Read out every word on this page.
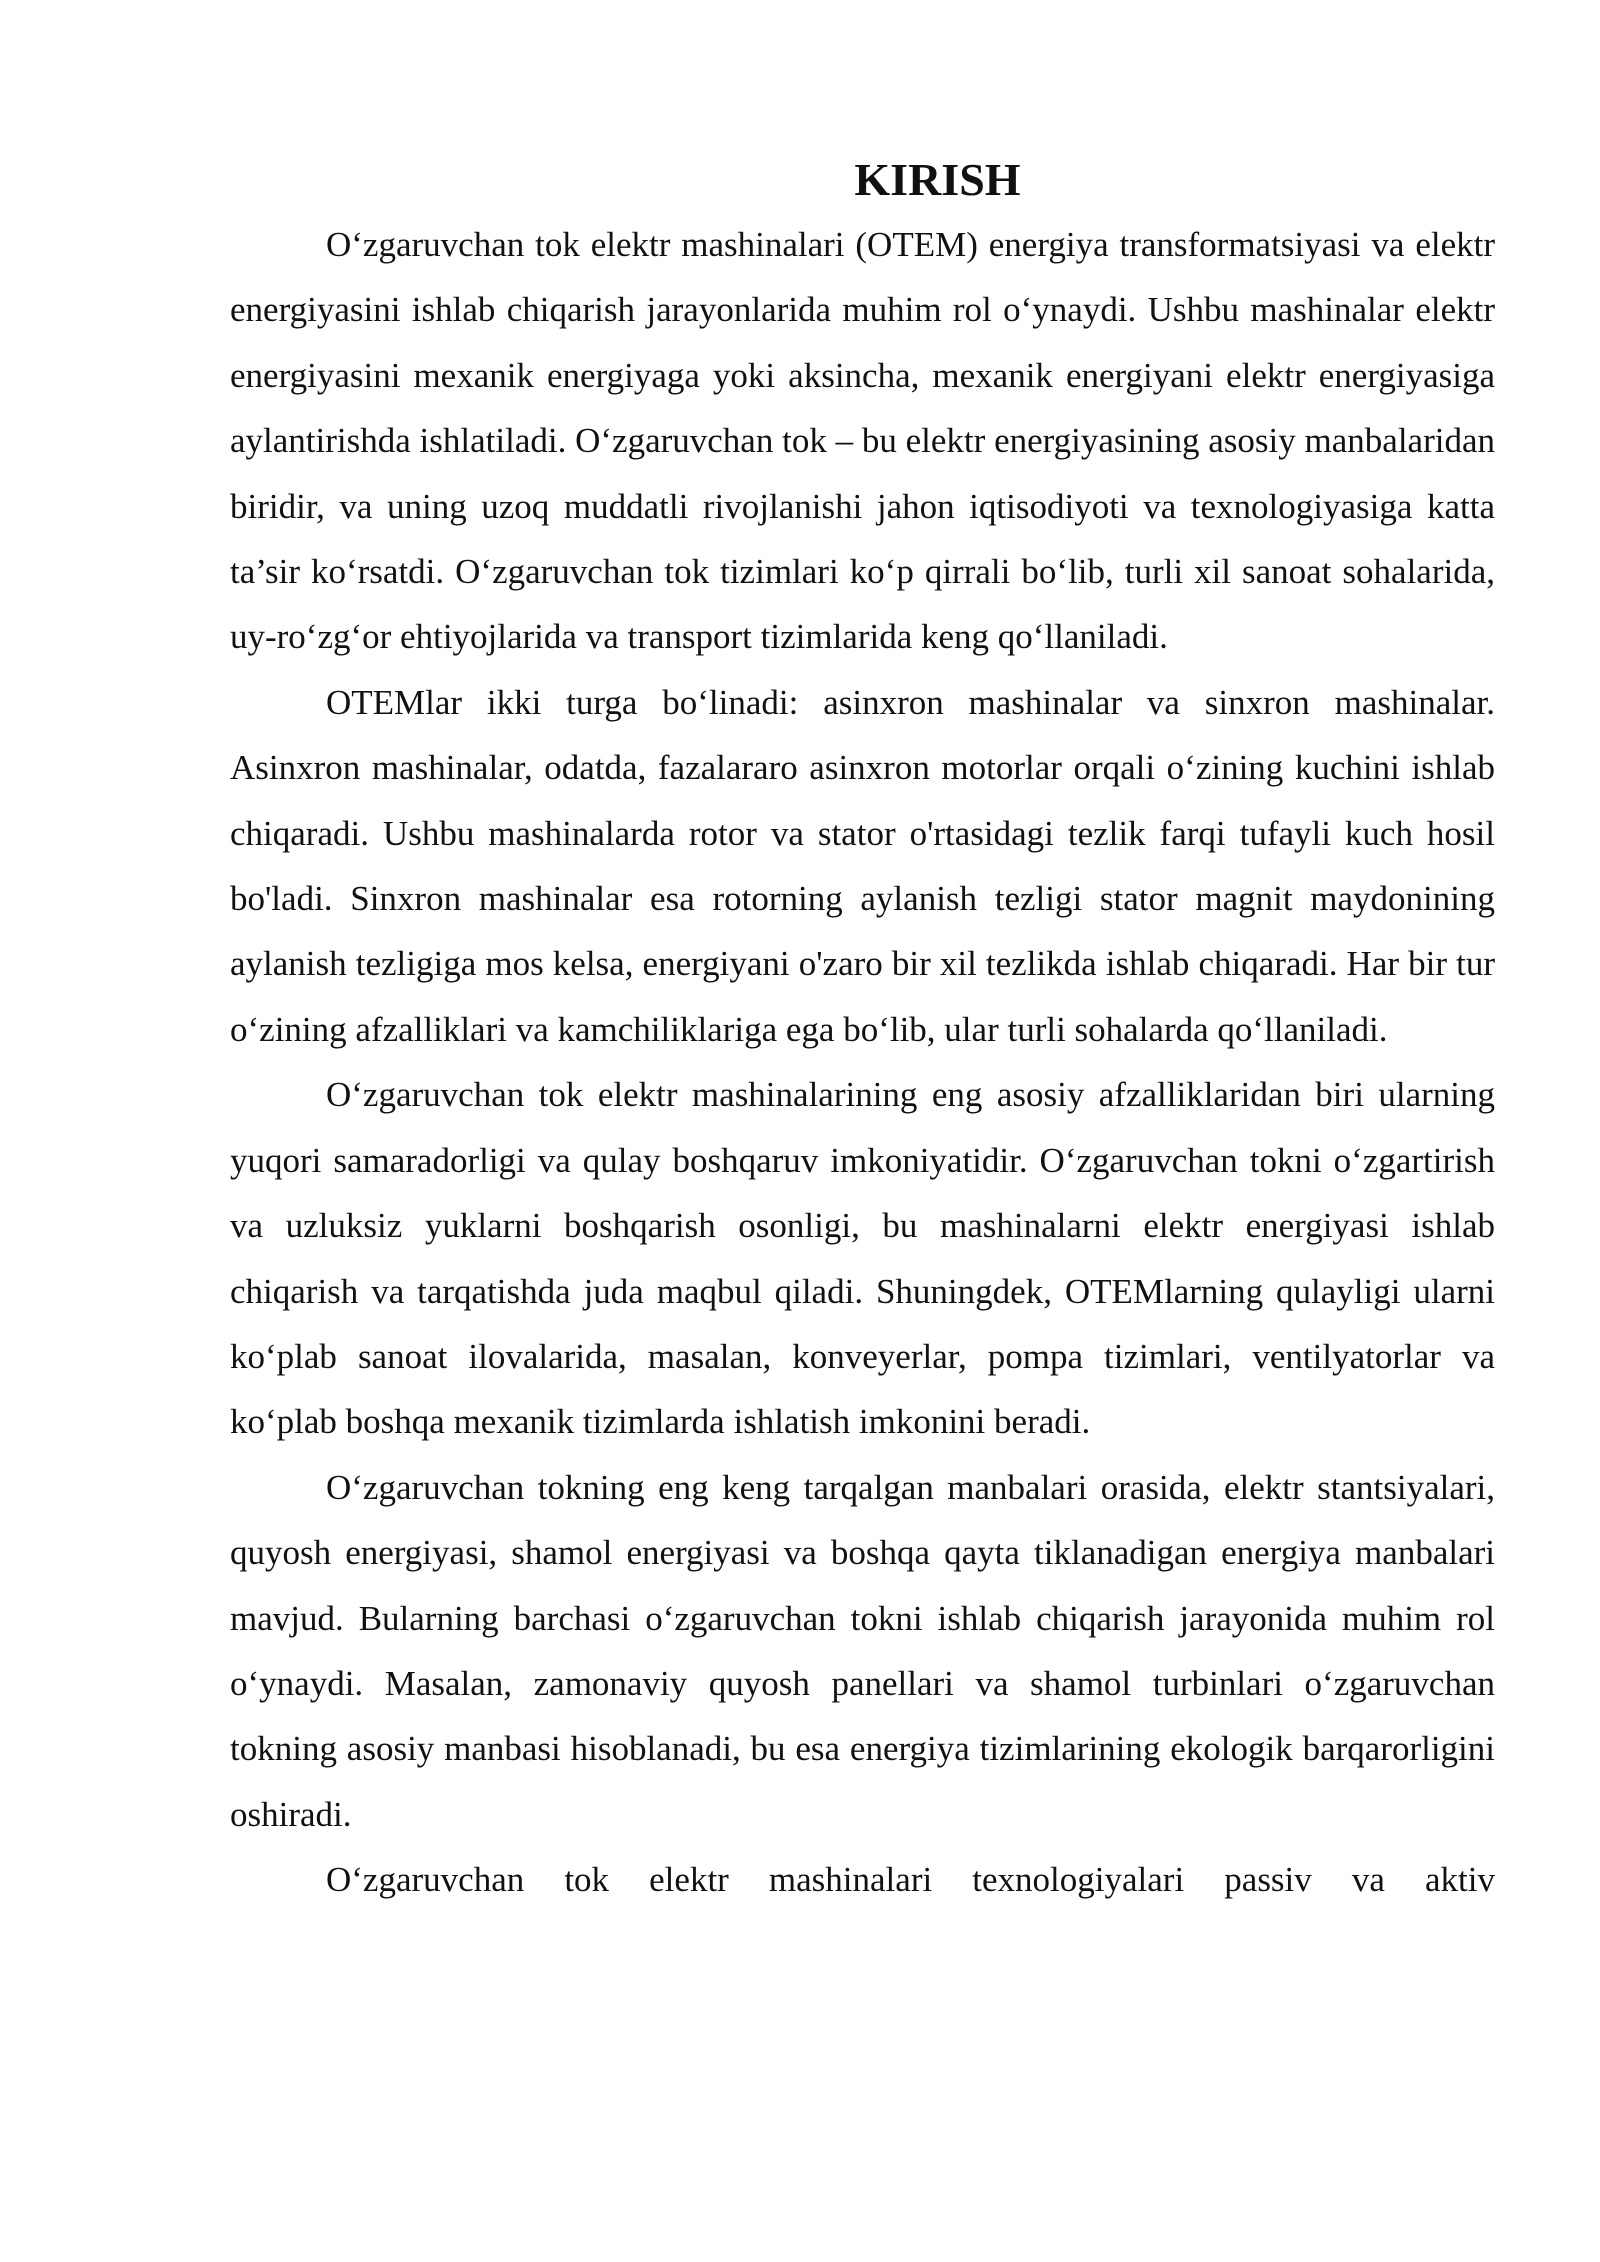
KIRISH

O‘zgaruvchan tok elektr mashinalari (OTEM) energiya transformatsiyasi va elektr energiyasini ishlab chiqarish jarayonlarida muhim rol o‘ynaydi. Ushbu mashinalar elektr energiyasini mexanik energiyaga yoki aksincha, mexanik energiyani elektr energiyasiga aylantirishda ishlatiladi. O‘zgaruvchan tok – bu elektr energiyasining asosiy manbalaridan biridir, va uning uzoq muddatli rivojlanishi jahon iqtisodiyoti va texnologiyasiga katta ta’sir ko‘rsatdi. O‘zgaruvchan tok tizimlari ko‘p qirrali bo‘lib, turli xil sanoat sohalarida, uy-ro‘zg‘or ehtiyojlarida va transport tizimlarida keng qo‘llaniladi.

OTEMlar ikki turga bo‘linadi: asinxron mashinalar va sinxron mashinalar. Asinxron mashinalar, odatda, fazalararo asinxron motorlar orqali o‘zining kuchini ishlab chiqaradi. Ushbu mashinalarda rotor va stator o'rtasidagi tezlik farqi tufayli kuch hosil bo'ladi. Sinxron mashinalar esa rotorning aylanish tezligi stator magnit maydonining aylanish tezligiga mos kelsa, energiyani o'zaro bir xil tezlikda ishlab chiqaradi. Har bir tur o‘zining afzalliklari va kamchiliklariga ega bo‘lib, ular turli sohalarda qo‘llaniladi.

O‘zgaruvchan tok elektr mashinalarining eng asosiy afzalliklaridan biri ularning yuqori samaradorligi va qulay boshqaruv imkoniyatidir. O‘zgaruvchan tokni o‘zgartirish va uzluksiz yuklarni boshqarish osonligi, bu mashinalarni elektr energiyasi ishlab chiqarish va tarqatishda juda maqbul qiladi. Shuningdek, OTEMlarning qulayligi ularni ko‘plab sanoat ilovalarida, masalan, konveyerlar, pompa tizimlari, ventilyatorlar va ko‘plab boshqa mexanik tizimlarda ishlatish imkonini beradi.

O‘zgaruvchan tokning eng keng tarqalgan manbalari orasida, elektr stantsiyalari, quyosh energiyasi, shamol energiyasi va boshqa qayta tiklanadigan energiya manbalari mavjud. Bularning barchasi o‘zgaruvchan tokni ishlab chiqarish jarayonida muhim rol o‘ynaydi. Masalan, zamonaviy quyosh panellari va shamol turbinlari o‘zgaruvchan tokning asosiy manbasi hisoblanadi, bu esa energiya tizimlarining ekologik barqarorligini oshiradi.

O‘zgaruvchan tok elektr mashinalari texnologiyalari passiv va aktiv
